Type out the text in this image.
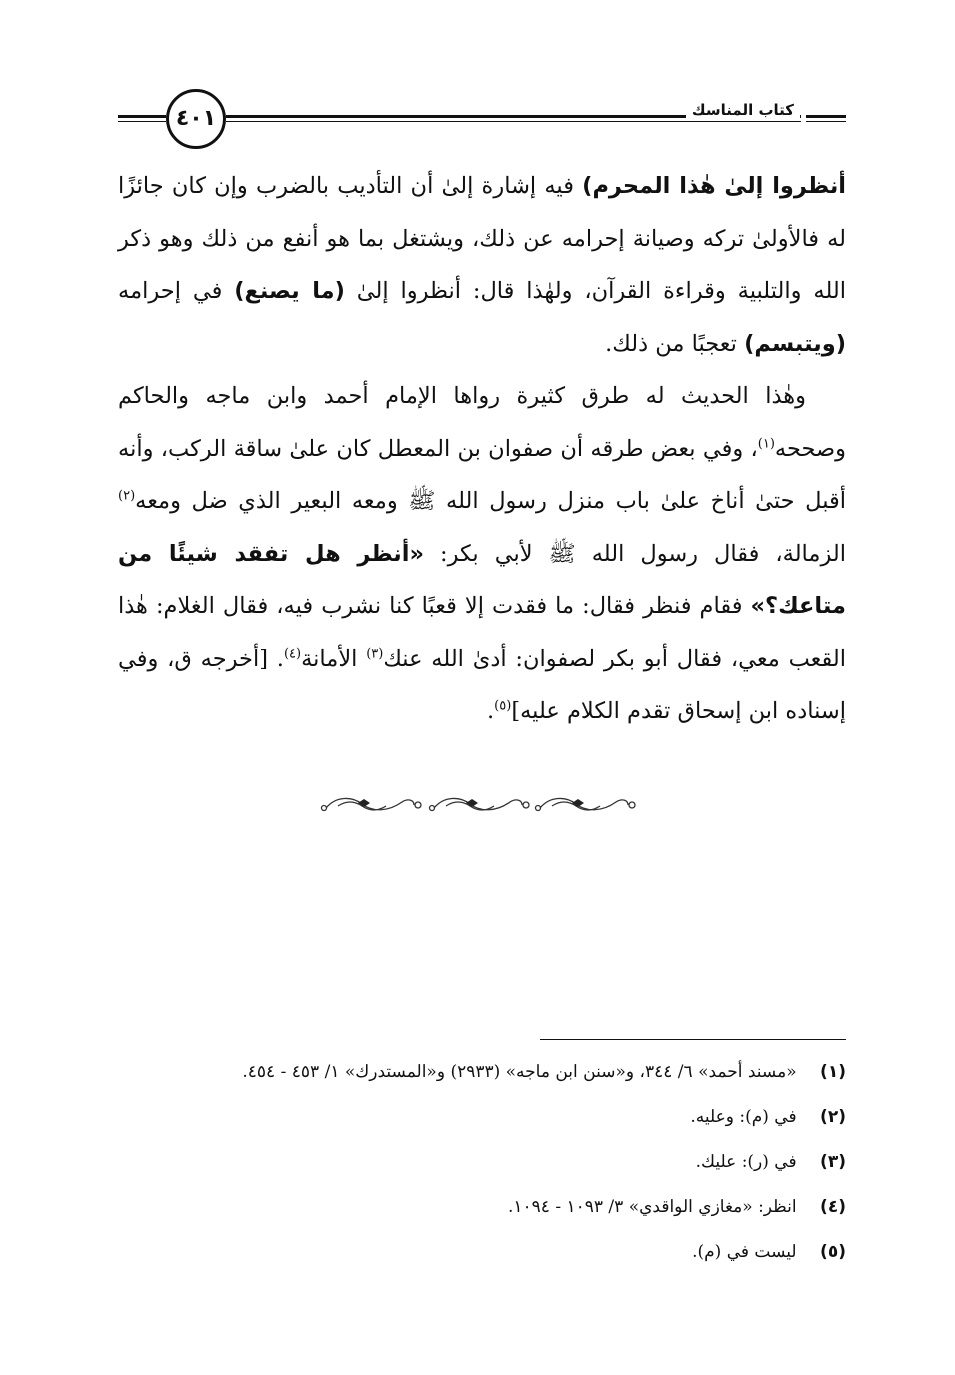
٤٠١	كتاب المناسك

أنظروا إلىٰ هٰذا المحرم) فيه إشارة إلىٰ أن التأديب بالضرب وإن كان جائزًا له فالأولىٰ تركه وصيانة إحرامه عن ذلك، ويشتغل بما هو أنفع من ذلك وهو ذكر الله والتلبية وقراءة القرآن، ولهٰذا قال: أنظروا إلىٰ (ما يصنع) في إحرامه (ويتبسم) تعجبًا من ذلك.

وهٰذا الحديث له طرق كثيرة رواها الإمام أحمد وابن ماجه والحاكم وصححه$^{(١)}$، وفي بعض طرقه أن صفوان بن المعطل كان علىٰ ساقة الركب، وأنه أقبل حتىٰ أناخ علىٰ باب منزل رسول الله ﷺ ومعه البعير الذي ضل ومعه$^{(٢)}$ الزمالة، فقال رسول الله ﷺ لأبي بكر: «أنظر هل تفقد شيئًا من متاعك؟» فقام فنظر فقال: ما فقدت إلا قعبًا كنا نشرب فيه، فقال الغلام: هٰذا القعب معي، فقال أبو بكر لصفوان: أدىٰ الله عنك$^{(٣)}$ الأمانة$^{(٤)}$. [أخرجه ق، وفي إسناده ابن إسحاق تقدم الكلام عليه]$^{(٥)}$.

(١) «مسند أحمد» ٦/ ٣٤٤، و«سنن ابن ماجه» (٢٩٣٣) و«المستدرك» ١/ ٤٥٣ - ٤٥٤.
(٢) في (م): وعليه.
(٣) في (ر): عليك.
(٤) انظر: «مغازي الواقدي» ٣/ ١٠٩٣ - ١٠٩٤.
(٥) ليست في (م).
